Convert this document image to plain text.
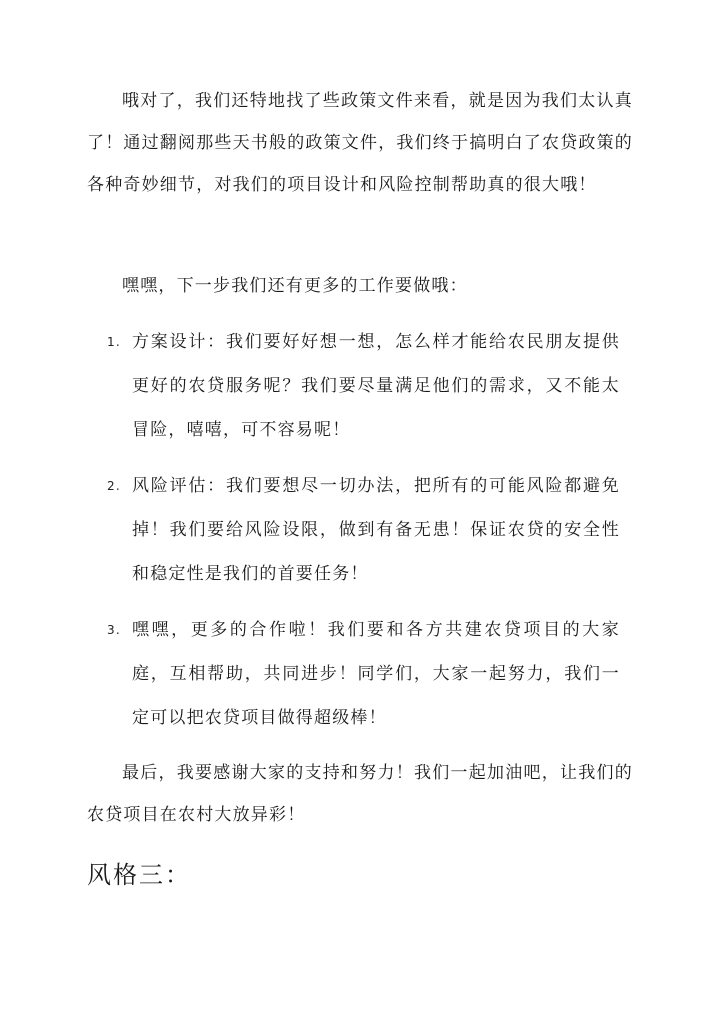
哦对了，我们还特地找了些政策文件来看，就是因为我们太认真了！通过翻阅那些天书般的政策文件，我们终于搞明白了农贷政策的各种奇妙细节，对我们的项目设计和风险控制帮助真的很大哦！

嘿嘿，下一步我们还有更多的工作要做哦：

1. 方案设计：我们要好好想一想，怎么样才能给农民朋友提供更好的农贷服务呢？我们要尽量满足他们的需求，又不能太冒险，嘻嘻，可不容易呢！
2. 风险评估：我们要想尽一切办法，把所有的可能风险都避免掉！我们要给风险设限，做到有备无患！保证农贷的安全性和稳定性是我们的首要任务！
3. 嘿嘿，更多的合作啦！我们要和各方共建农贷项目的大家庭，互相帮助，共同进步！同学们，大家一起努力，我们一定可以把农贷项目做得超级棒！

最后，我要感谢大家的支持和努力！我们一起加油吧，让我们的农贷项目在农村大放异彩！

风格三：
